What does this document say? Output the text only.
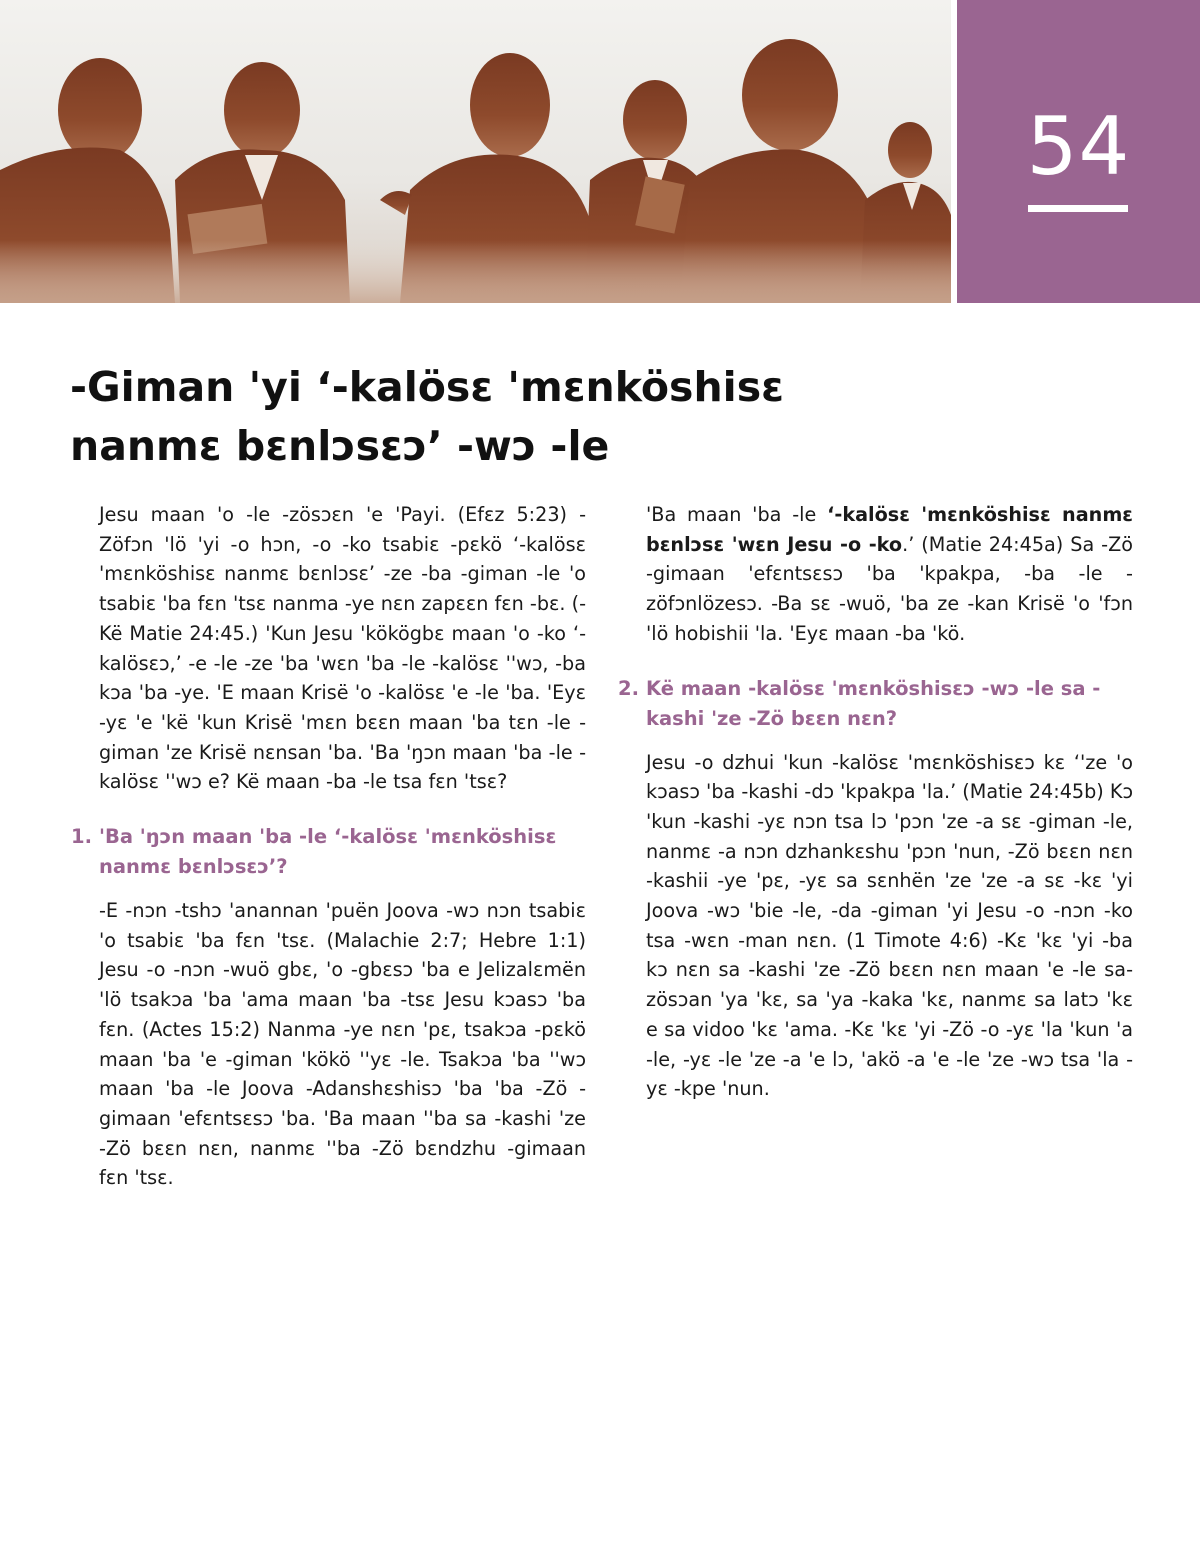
54
-Giman 'yi ‘-kalösɛ 'mɛnköshisɛ
nanmɛ bɛnlɔsɛɔ’ -wɔ -le

Jesu maan 'o -le -zösɔɛn 'e 'Payi. (Efɛz 5:23) -Zöfɔn 'lö 'yi -o hɔn, -o -ko tsabiɛ -pɛkö ‘-kalösɛ 'mɛnköshisɛ nanmɛ bɛnlɔsɛ’ -ze -ba -giman -le 'o tsabiɛ 'ba fɛn 'tsɛ nanma -ye nɛn zapɛɛn fɛn -bɛ. (-Kë Matie 24:45.) 'Kun Jesu 'kökögbɛ maan 'o -ko ‘-kalösɛɔ,’ -e -le -ze 'ba 'wɛn 'ba -le -kalösɛ ''wɔ, -ba kɔa 'ba -ye. 'E maan Krisë 'o -kalösɛ 'e -le 'ba. 'Eyɛ -yɛ 'e 'kë 'kun Krisë 'mɛn bɛɛn maan 'ba tɛn -le -giman 'ze Krisë nɛnsan 'ba. 'Ba 'ŋɔn maan 'ba -le -kalösɛ ''wɔ e? Kë maan -ba -le tsa fɛn 'tsɛ?

1. 'Ba 'ŋɔn maan 'ba -le ‘-kalösɛ 'mɛnköshisɛ nanmɛ bɛnlɔsɛɔ’?

-E -nɔn -tshɔ 'anannan 'puën Joova -wɔ nɔn tsabiɛ 'o tsabiɛ 'ba fɛn 'tsɛ. (Malachie 2:7; Hebre 1:1) Jesu -o -nɔn -wuö gbɛ, 'o -gbɛsɔ 'ba e Jelizalɛmën 'lö tsakɔa 'ba 'ama maan 'ba -tsɛ Jesu kɔasɔ 'ba fɛn. (Actes 15:2) Nanma -ye nɛn 'pɛ, tsakɔa -pɛkö maan 'ba 'e -giman 'kökö ''yɛ -le. Tsakɔa 'ba ''wɔ maan 'ba -le Joova -Adanshɛshisɔ 'ba 'ba -Zö -gimaan 'efɛntsɛsɔ 'ba. 'Ba maan ''ba sa -kashi 'ze -Zö bɛɛn nɛn, nanmɛ ''ba -Zö bɛndzhu -gimaan fɛn 'tsɛ.

'Ba maan 'ba -le ‘-kalösɛ 'mɛnköshisɛ nanmɛ bɛnlɔsɛ 'wɛn Jesu -o -ko.’ (Matie 24:45a) Sa -Zö -gimaan 'efɛntsɛsɔ 'ba 'kpakpa, -ba -le -zöfɔnlözesɔ. -Ba sɛ -wuö, 'ba ze -kan Krisë 'o 'fɔn 'lö hobishii 'la. 'Eyɛ maan -ba 'kö.

2. Kë maan -kalösɛ 'mɛnköshisɛɔ -wɔ -le sa -kashi 'ze -Zö bɛɛn nɛn?

Jesu -o dzhui 'kun -kalösɛ 'mɛnköshisɛɔ kɛ ‘'ze 'o kɔasɔ 'ba -kashi -dɔ 'kpakpa 'la.’ (Matie 24:45b) Kɔ 'kun -kashi -yɛ nɔn tsa lɔ 'pɔn 'ze -a sɛ -giman -le, nanmɛ -a nɔn dzhankɛshu 'pɔn 'nun, -Zö bɛɛn nɛn -kashii -ye 'pɛ, -yɛ sa sɛnhën 'ze 'ze -a sɛ -kɛ 'yi Joova -wɔ 'bie -le, -da -giman 'yi Jesu -o -nɔn -ko tsa -wɛn -man nɛn. (1 Timote 4:6) -Kɛ 'kɛ 'yi -ba kɔ nɛn sa -kashi 'ze -Zö bɛɛn nɛn maan 'e -le sa-zösɔan 'ya 'kɛ, sa 'ya -kaka 'kɛ, nanmɛ sa latɔ 'kɛ e sa vidoo 'kɛ 'ama. -Kɛ 'kɛ 'yi -Zö -o -yɛ 'la 'kun 'a -le, -yɛ -le 'ze -a 'e lɔ, 'akö -a 'e -le 'ze -wɔ tsa 'la -yɛ -kpe 'nun.
